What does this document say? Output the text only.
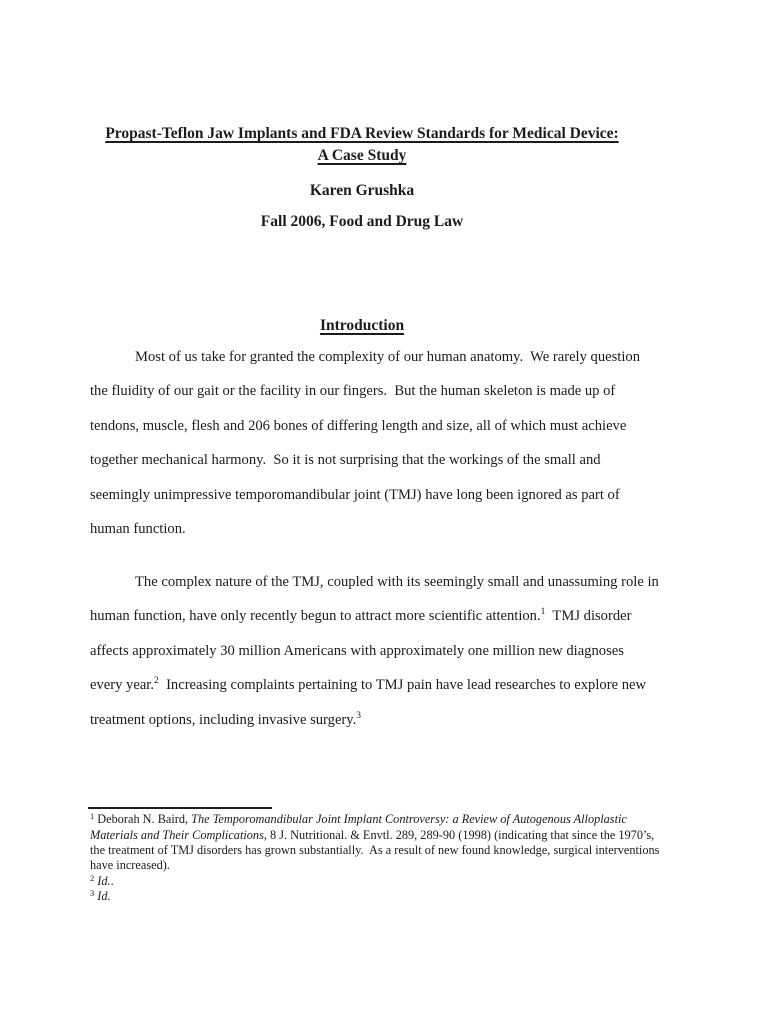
Propast-Teflon Jaw Implants and FDA Review Standards for Medical Device:
A Case Study
Karen Grushka
Fall 2006, Food and Drug Law
Introduction
Most of us take for granted the complexity of our human anatomy.  We rarely question
the fluidity of our gait or the facility in our fingers.  But the human skeleton is made up of
tendons, muscle, flesh and 206 bones of differing length and size, all of which must achieve
together mechanical harmony.  So it is not surprising that the workings of the small and
seemingly unimpressive temporomandibular joint (TMJ) have long been ignored as part of
human function.
The complex nature of the TMJ, coupled with its seemingly small and unassuming role in
human function, have only recently begun to attract more scientific attention.$^1$  TMJ disorder
affects approximately 30 million Americans with approximately one million new diagnoses
every year.$^2$  Increasing complaints pertaining to TMJ pain have lead researches to explore new
treatment options, including invasive surgery.$^3$
$^1$ Deborah N. Baird, The Temporomandibular Joint Implant Controversy: a Review of Autogenous Alloplastic
Materials and Their Complications, 8 J. Nutritional. & Envtl. 289, 289-90 (1998) (indicating that since the 1970’s,
the treatment of TMJ disorders has grown substantially.  As a result of new found knowledge, surgical interventions
have increased).
$^2$ Id..
$^3$ Id.
